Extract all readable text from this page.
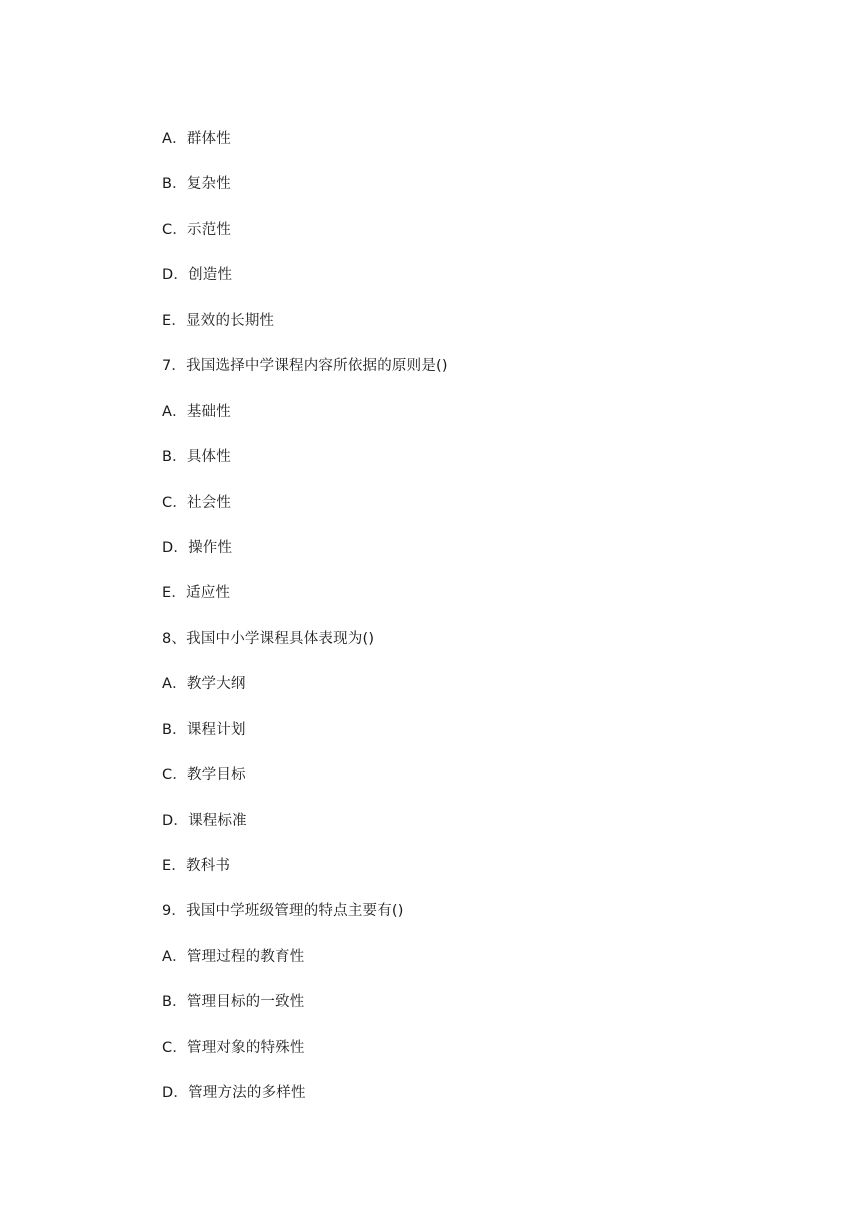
A．群体性
B．复杂性
C．示范性
D．创造性
E．显效的长期性
7．我国选择中学课程内容所依据的原则是()
A．基础性
B．具体性
C．社会性
D．操作性
E．适应性
8、我国中小学课程具体表现为()
A．教学大纲
B．课程计划
C．教学目标
D．课程标准
E．教科书
9．我国中学班级管理的特点主要有()
A．管理过程的教育性
B．管理目标的一致性
C．管理对象的特殊性
D．管理方法的多样性
